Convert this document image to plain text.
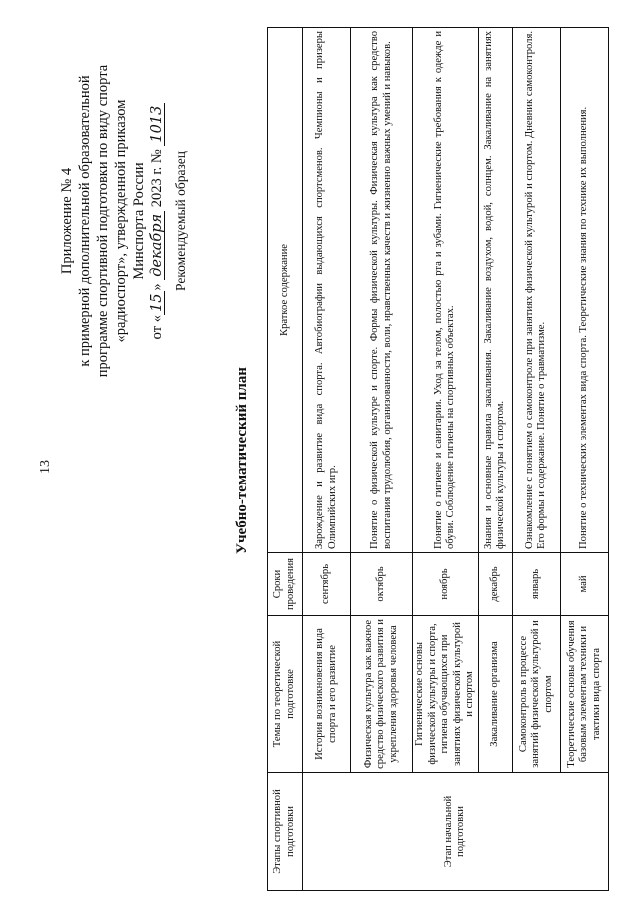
13
Приложение № 4 к примерной дополнительной образовательной программе спортивной подготовки по виду спорта «радиоспорт», утвержденной приказом Минспорта России
от «15» декабря 2023 г. № 1013
Рекомендуемый образец
Учебно-тематический план
Этапы спортивной подготовки	Темы по теоретической подготовке	Сроки проведения	Краткое содержание
Этап начальной подготовки	История возникновения вида спорта и его развитие	сентябрь	Зарождение и развитие вида спорта. Автобиографии выдающихся спортсменов. Чемпионы и призеры Олимпийских игр.
	Физическая культура как важное средство физического развития и укрепления здоровья человека	октябрь	Понятие о физической культуре и спорте. Формы физической культуры. Физическая культура как средство воспитания трудолюбия, организованности, воли, нравственных качеств и жизненно важных умений и навыков.
	Гигиенические основы физической культуры и спорта, гигиена обучающихся при занятиях физической культурой и спортом	ноябрь	Понятие о гигиене и санитарии. Уход за телом, полостью рта и зубами. Гигиенические требования к одежде и обуви. Соблюдение гигиены на спортивных объектах.
	Закаливание организма	декабрь	Знания и основные правила закаливания. Закаливание воздухом, водой, солнцем. Закаливание на занятиях физической культуры и спортом.
	Самоконтроль в процессе занятий физической культурой и спортом	январь	Ознакомление с понятием о самоконтроле при занятиях физической культурой и спортом. Дневник самоконтроля. Его формы и содержание. Понятие о травматизме.
	Теоретические основы обучения базовым элементам техники и тактики вида спорта	май	Понятие о технических элементах вида спорта. Теоретические знания по технике их выполнения.
